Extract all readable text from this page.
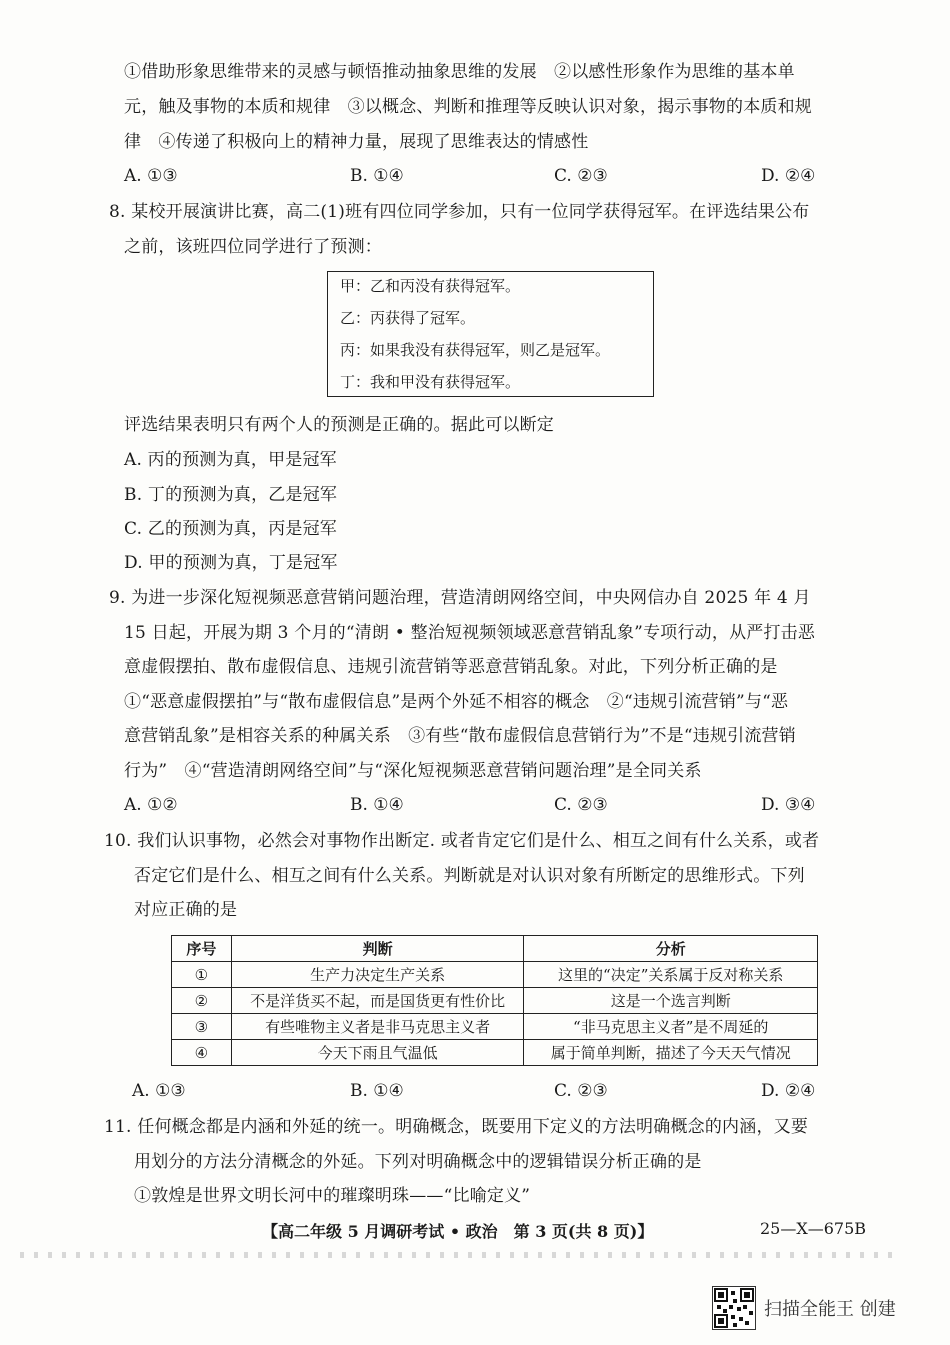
①借助形象思维带来的灵感与顿悟推动抽象思维的发展　②以感性形象作为思维的基本单
元，触及事物的本质和规律　③以概念、判断和推理等反映认识对象，揭示事物的本质和规
律　④传递了积极向上的精神力量，展现了思维表达的情感性
A. ①③	B. ①④	C. ②③	D. ②④
8. 某校开展演讲比赛，高二(1)班有四位同学参加，只有一位同学获得冠军。在评选结果公布
之前，该班四位同学进行了预测：
甲：乙和丙没有获得冠军。
乙：丙获得了冠军。
丙：如果我没有获得冠军，则乙是冠军。
丁：我和甲没有获得冠军。
评选结果表明只有两个人的预测是正确的。据此可以断定
A. 丙的预测为真，甲是冠军
B. 丁的预测为真，乙是冠军
C. 乙的预测为真，丙是冠军
D. 甲的预测为真，丁是冠军
9. 为进一步深化短视频恶意营销问题治理，营造清朗网络空间，中央网信办自 2025 年 4 月
15 日起，开展为期 3 个月的“清朗 • 整治短视频领域恶意营销乱象”专项行动，从严打击恶
意虚假摆拍、散布虚假信息、违规引流营销等恶意营销乱象。对此，下列分析正确的是
①“恶意虚假摆拍”与“散布虚假信息”是两个外延不相容的概念　②“违规引流营销”与“恶
意营销乱象”是相容关系的种属关系　③有些“散布虚假信息营销行为”不是“违规引流营销
行为”　④“营造清朗网络空间”与“深化短视频恶意营销问题治理”是全同关系
A. ①②	B. ①④	C. ②③	D. ③④
10. 我们认识事物，必然会对事物作出断定. 或者肯定它们是什么、相互之间有什么关系，或者
否定它们是什么、相互之间有什么关系。判断就是对认识对象有所断定的思维形式。下列
对应正确的是
序号	判断	分析
①	生产力决定生产关系	这里的“决定”关系属于反对称关系
②	不是洋货买不起，而是国货更有性价比	这是一个选言判断
③	有些唯物主义者是非马克思主义者	“非马克思主义者”是不周延的
④	今天下雨且气温低	属于简单判断，描述了今天天气情况
A. ①③	B. ①④	C. ②③	D. ②④
11. 任何概念都是内涵和外延的统一。明确概念，既要用下定义的方法明确概念的内涵，又要
用划分的方法分清概念的外延。下列对明确概念中的逻辑错误分析正确的是
①敦煌是世界文明长河中的璀璨明珠——“比喻定义”
【高二年级 5 月调研考试 • 政治　第 3 页(共 8 页)】	25—X—675B
扫描全能王 创建
